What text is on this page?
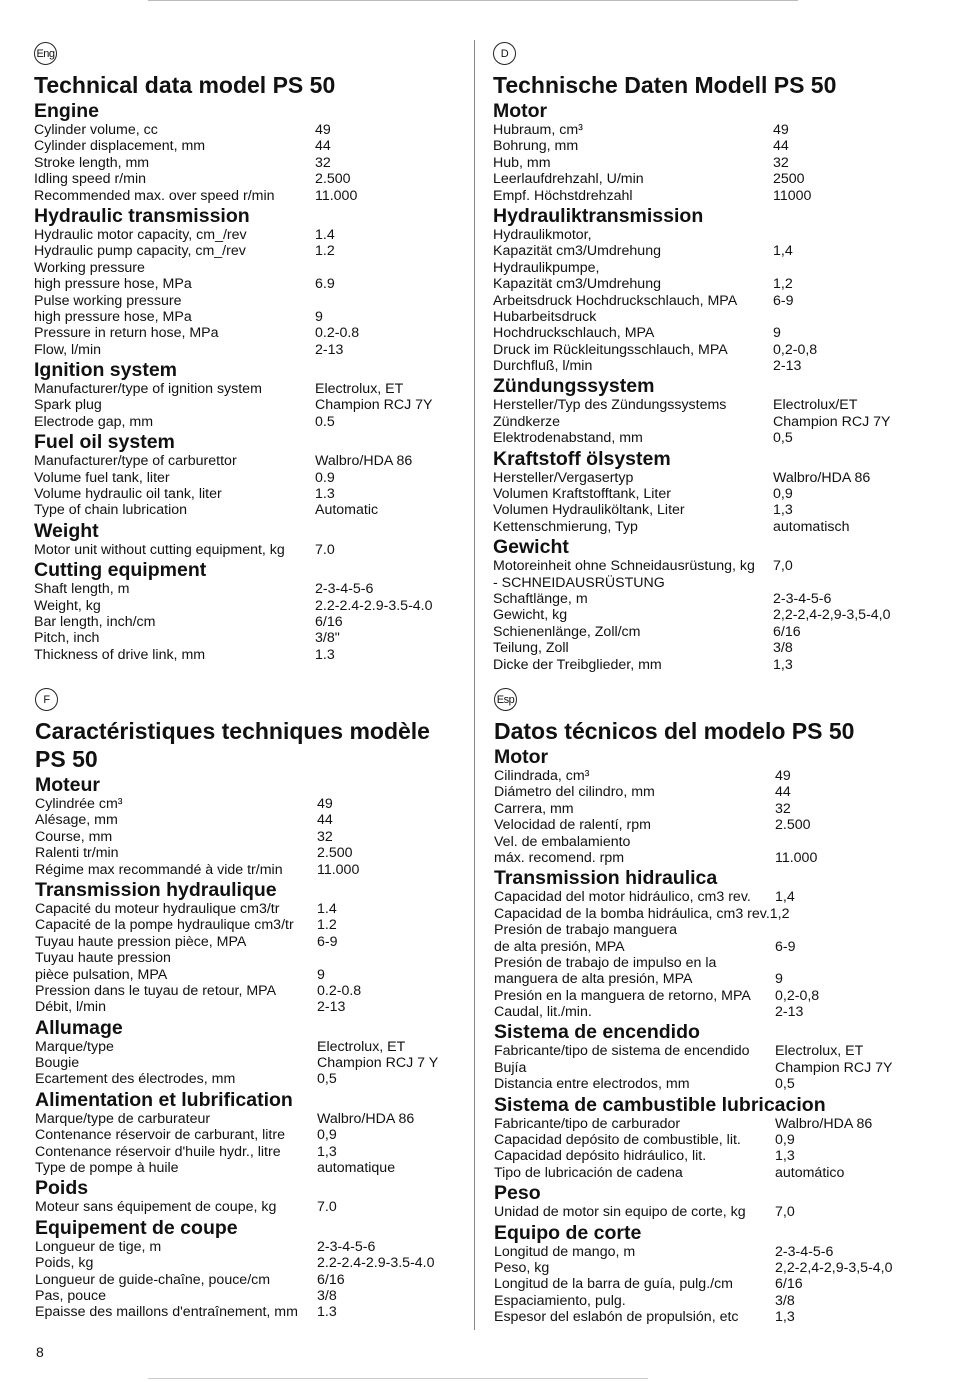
Eng
Technical data model PS 50
Engine
Cylinder volume, cc	49
Cylinder displacement, mm	44
Stroke length, mm	32
Idling speed r/min	2.500
Recommended max. over speed r/min	11.000
Hydraulic transmission
Hydraulic motor capacity, cm_/rev	1.4
Hydraulic pump capacity, cm_/rev	1.2
Working pressure
high pressure hose, MPa	6.9
Pulse working pressure
high pressure hose, MPa	9
Pressure in return hose, MPa	0.2-0.8
Flow, l/min	2-13
Ignition system
Manufacturer/type of ignition system	Electrolux, ET
Spark plug	Champion RCJ 7Y
Electrode gap, mm	0.5
Fuel oil system
Manufacturer/type of carburettor	Walbro/HDA 86
Volume fuel tank, liter	0.9
Volume hydraulic oil tank, liter	1.3
Type of chain lubrication	Automatic
Weight
Motor unit without cutting equipment, kg 7.0
Cutting equipment
Shaft length, m	2-3-4-5-6
Weight, kg	2.2-2.4-2.9-3.5-4.0
Bar length, inch/cm	6/16
Pitch, inch	3/8"
Thickness of drive link, mm	1.3
D
Technische Daten Modell PS 50
Motor
Hubraum, cm³	49
Bohrung, mm	44
Hub, mm	32
Leerlaufdrehzahl, U/min	2500
Empf. Höchstdrehzahl	11000
Hydrauliktransmission
Hydraulikmotor,
Kapazität cm3/Umdrehung	1,4
Hydraulikpumpe,
Kapazität cm3/Umdrehung	1,2
Arbeitsdruck Hochdruckschlauch, MPA	6-9
Hubarbeitsdruck
Hochdruckschlauch, MPA	9
Druck im Rückleitungsschlauch, MPA	0,2-0,8
Durchfluß, l/min	2-13
Zündungssystem
Hersteller/Typ des Zündungssystems	Electrolux/ET
Zündkerze	Champion RCJ 7Y
Elektrodenabstand, mm	0,5
Kraftstoff ölsystem
Hersteller/Vergasertyp	Walbro/HDA 86
Volumen Kraftstofftank, Liter	0,9
Volumen Hydrauliköltank, Liter	1,3
Kettenschmierung, Typ	automatisch
Gewicht
Motoreinheit ohne Schneidausrüstung, kg 7,0
- SCHNEIDAUSRÜSTUNG
Schaftlänge, m	2-3-4-5-6
Gewicht, kg	2,2-2,4-2,9-3,5-4,0
Schienenlänge, Zoll/cm	6/16
Teilung, Zoll	3/8
Dicke der Treibglieder, mm	1,3
F
Caractéristiques techniques modèle PS 50
Moteur
Cylindrée cm³	49
Alésage, mm	44
Course, mm	32
Ralenti tr/min	2.500
Régime max recommandé à vide tr/min 11.000
Transmission hydraulique
Capacité du moteur hydraulique cm3/tr	1.4
Capacité de la pompe hydraulique cm3/tr 1.2
Tuyau haute pression pièce, MPA	6-9
Tuyau haute pression
pièce pulsation, MPA	9
Pression dans le tuyau de retour, MPA	0.2-0.8
Débit, l/min	2-13
Allumage
Marque/type	Electrolux, ET
Bougie	Champion RCJ 7 Y
Ecartement des électrodes, mm	0,5
Alimentation et lubrification
Marque/type de carburateur	Walbro/HDA 86
Contenance réservoir de carburant, litre 0,9
Contenance réservoir d'huile hydr., litre	1,3
Type de pompe à huile	automatique
Poids
Moteur sans équipement de coupe, kg	7.0
Equipement de coupe
Longueur de tige, m	2-3-4-5-6
Poids, kg	2.2-2.4-2.9-3.5-4.0
Longueur de guide-chaîne, pouce/cm	6/16
Pas, pouce	3/8
Epaisse des maillons d'entraînement, mm 1.3
Esp
Datos técnicos del modelo PS 50
Motor
Cilindrada, cm³	49
Diámetro del cilindro, mm	44
Carrera, mm	32
Velocidad de ralentí, rpm	2.500
Vel. de embalamiento
máx. recomend. rpm	11.000
Transmission hidraulica
Capacidad del motor hidráulico, cm3 rev. 1,4
Capacidad de la bomba hidráulica, cm3 rev.1,2
Presión de trabajo manguera
de alta presión, MPA	6-9
Presión de trabajo de impulso en la
manguera de alta presión, MPA	9
Presión en la manguera de retorno, MPA 0,2-0,8
Caudal, lit./min.	2-13
Sistema de encendido
Fabricante/tipo de sistema de encendido Electrolux, ET
Bujía	Champion RCJ 7Y
Distancia entre electrodos, mm	0,5
Sistema de cambustible lubricacion
Fabricante/tipo de carburador	Walbro/HDA 86
Capacidad depósito de combustible, lit. 0,9
Capacidad depósito hidráulico, lit.	1,3
Tipo de lubricación de cadena	automático
Peso
Unidad de motor sin equipo de corte, kg 7,0
Equipo de corte
Longitud de mango, m	2-3-4-5-6
Peso, kg	2,2-2,4-2,9-3,5-4,0
Longitud de la barra de guía, pulg./cm	6/16
Espaciamiento, pulg.	3/8
Espesor del eslabón de propulsión, etc	1,3
8
